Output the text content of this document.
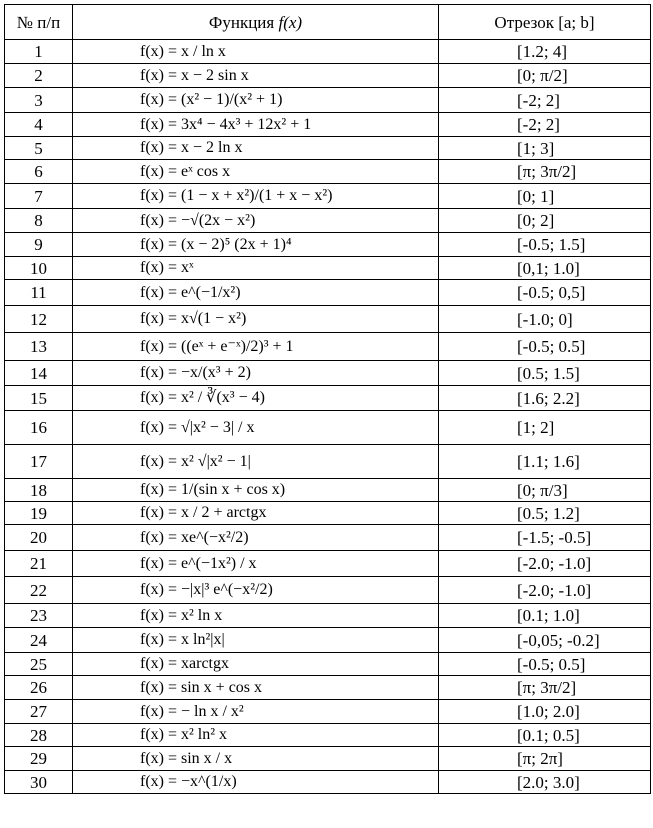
№ п/п	Функция f(x)	Отрезок [a; b]
1	f(x) = x / ln x	[1.2; 4]
2	f(x) = x − 2 sin x	[0; π/2]
3	f(x) = (x² − 1)/(x² + 1)	[-2; 2]
4	f(x) = 3x⁴ − 4x³ + 12x² + 1	[-2; 2]
5	f(x) = x − 2 ln x	[1; 3]
6	f(x) = eˣ cos x	[π; 3π/2]
7	f(x) = (1 − x + x²)/(1 + x − x²)	[0; 1]
8	f(x) = −√(2x − x²)	[0; 2]
9	f(x) = (x − 2)⁵ (2x + 1)⁴	[-0.5; 1.5]
10	f(x) = xˣ	[0,1; 1.0]
11	f(x) = e^(−1/x²)	[-0.5; 0,5]
12	f(x) = x√(1 − x²)	[-1.0; 0]
13	f(x) = ((eˣ + e⁻ˣ)/2)³ + 1	[-0.5; 0.5]
14	f(x) = −x/(x³ + 2)	[0.5; 1.5]
15	f(x) = x² / ∛(x³ − 4)	[1.6; 2.2]
16	f(x) = √|x² − 3| / x	[1; 2]
17	f(x) = x² √|x² − 1|	[1.1; 1.6]
18	f(x) = 1/(sin x + cos x)	[0; π/3]
19	f(x) = x / 2 + arctgx	[0.5; 1.2]
20	f(x) = xe^(−x²/2)	[-1.5; -0.5]
21	f(x) = e^(−1x²) / x	[-2.0; -1.0]
22	f(x) = −|x|³ e^(−x²/2)	[-2.0; -1.0]
23	f(x) = x² ln x	[0.1; 1.0]
24	f(x) = x ln²|x|	[-0,05; -0.2]
25	f(x) = xarctgx	[-0.5; 0.5]
26	f(x) = sin x + cos x	[π; 3π/2]
27	f(x) = − ln x / x²	[1.0; 2.0]
28	f(x) = x² ln² x	[0.1; 0.5]
29	f(x) = sin x / x	[π; 2π]
30	f(x) = −x^(1/x)	[2.0; 3.0]
